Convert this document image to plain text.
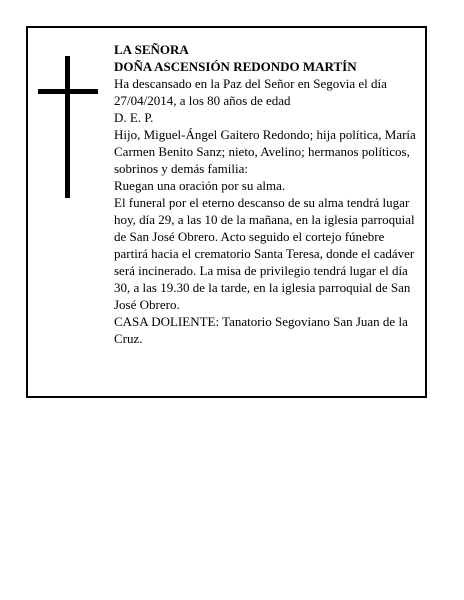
LA SEÑORA

DOÑA ASCENSIÓN REDONDO MARTÍN

Ha descansado en la Paz del Señor en Segovia el día 27/04/2014, a los 80 años de edad

D. E. P.

Hijo, Miguel-Ángel Gaitero Redondo; hija política, María Carmen Benito Sanz; nieto, Avelino; hermanos políticos, sobrinos y demás familia:

Ruegan una oración por su alma.

El funeral por el eterno descanso de su alma tendrá lugar hoy, día 29, a las 10 de la mañana, en la iglesia parroquial de San José Obrero. Acto seguido el cortejo fúnebre partirá hacia el crematorio Santa Teresa, donde el cadáver será incinerado. La misa de privilegio tendrá lugar el día 30, a las 19.30 de la tarde, en la iglesia parroquial de San José Obrero.

CASA DOLIENTE: Tanatorio Segoviano San Juan de la Cruz.
